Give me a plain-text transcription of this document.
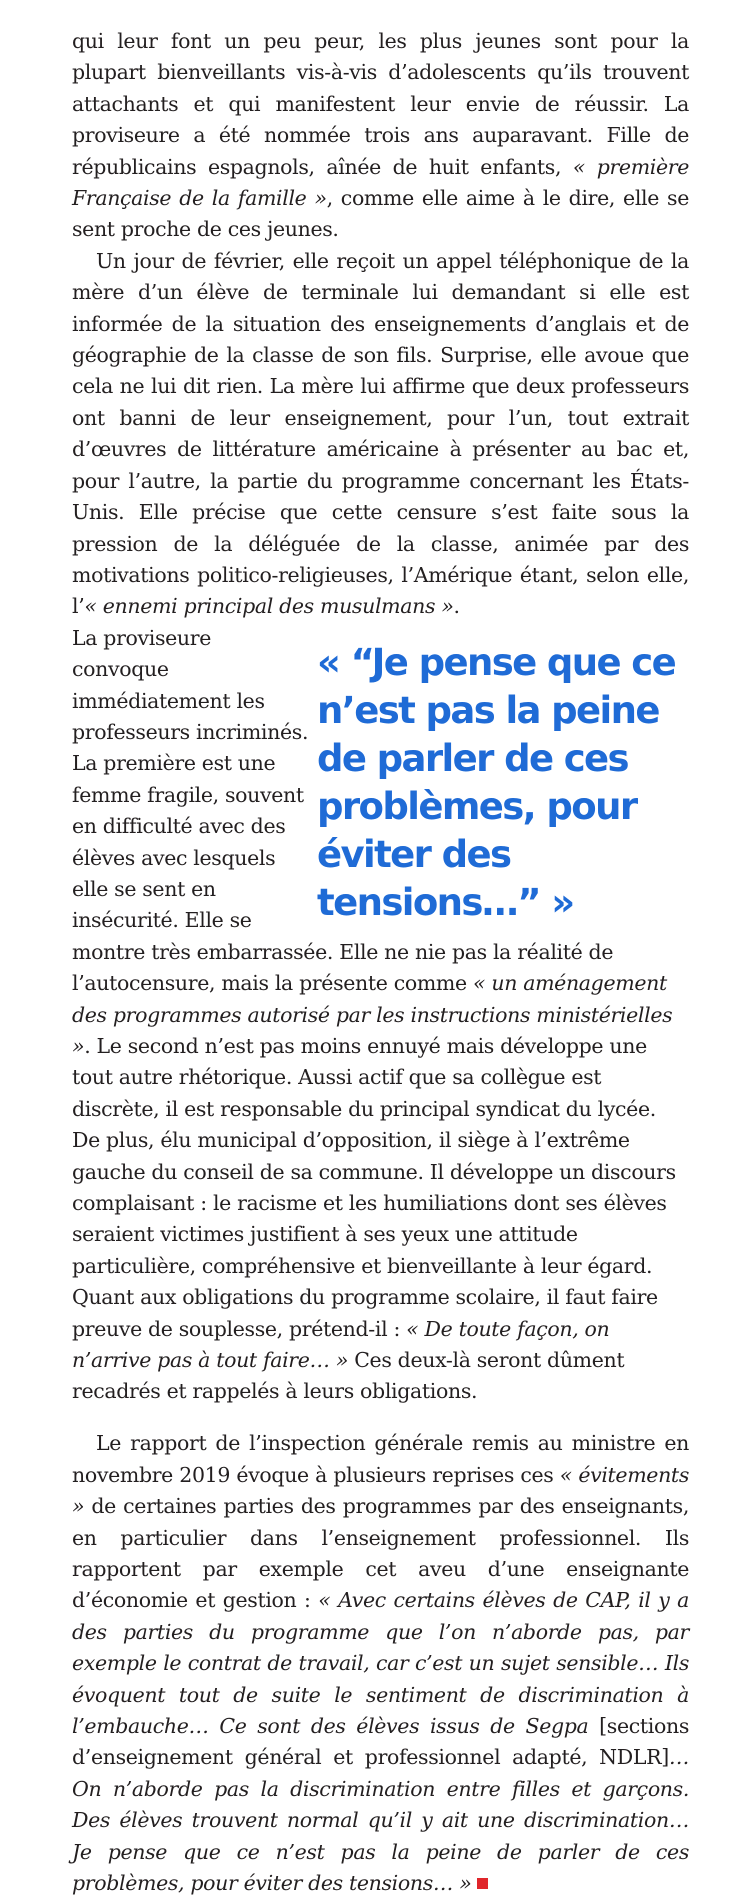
qui leur font un peu peur, les plus jeunes sont pour la plupart bienveillants vis-à-vis d’adolescents qu’ils trouvent attachants et qui manifestent leur envie de réussir. La proviseure a été nommée trois ans auparavant. Fille de républicains espagnols, aînée de huit enfants, « première Française de la famille », comme elle aime à le dire, elle se sent proche de ces jeunes.

Un jour de février, elle reçoit un appel téléphonique de la mère d’un élève de terminale lui demandant si elle est informée de la situation des enseignements d’anglais et de géographie de la classe de son fils. Surprise, elle avoue que cela ne lui dit rien. La mère lui affirme que deux professeurs ont banni de leur enseignement, pour l’un, tout extrait d’œuvres de littérature américaine à présenter au bac et, pour l’autre, la partie du programme concernant les États-Unis. Elle précise que cette censure s’est faite sous la pression de la déléguée de la classe, animée par des motivations politico-religieuses, l’Amérique étant, selon elle, l’« ennemi principal des musulmans ».

« “Je pense que ce n’est pas la peine de parler de ces problèmes, pour éviter des tensions…” »
La proviseure convoque immédiatement les professeurs incriminés. La première est une femme fragile, souvent en difficulté avec des élèves avec lesquels elle se sent en insécurité. Elle se montre très embarrassée. Elle ne nie pas la réalité de l’autocensure, mais la présente comme « un aménagement des programmes autorisé par les instructions ministérielles ». Le second n’est pas moins ennuyé mais développe une tout autre rhétorique. Aussi actif que sa collègue est discrète, il est responsable du principal syndicat du lycée. De plus, élu municipal d’opposition, il siège à l’extrême gauche du conseil de sa commune. Il développe un discours complaisant : le racisme et les humiliations dont ses élèves seraient victimes justifient à ses yeux une attitude particulière, compréhensive et bienveillante à leur égard. Quant aux obligations du programme scolaire, il faut faire preuve de souplesse, prétend-il : « De toute façon, on n’arrive pas à tout faire… » Ces deux-là seront dûment recadrés et rappelés à leurs obligations.

Le rapport de l’inspection générale remis au ministre en novembre 2019 évoque à plusieurs reprises ces « évitements » de certaines parties des programmes par des enseignants, en particulier dans l’enseignement professionnel. Ils rapportent par exemple cet aveu d’une enseignante d’économie et gestion : « Avec certains élèves de CAP, il y a des parties du programme que l’on n’aborde pas, par exemple le contrat de travail, car c’est un sujet sensible… Ils évoquent tout de suite le sentiment de discrimination à l’embauche… Ce sont des élèves issus de Segpa [sections d’enseignement général et professionnel adapté, NDLR]… On n’aborde pas la discrimination entre filles et garçons. Des élèves trouvent normal qu’il y ait une discrimination… Je pense que ce n’est pas la peine de parler de ces problèmes, pour éviter des tensions… »
